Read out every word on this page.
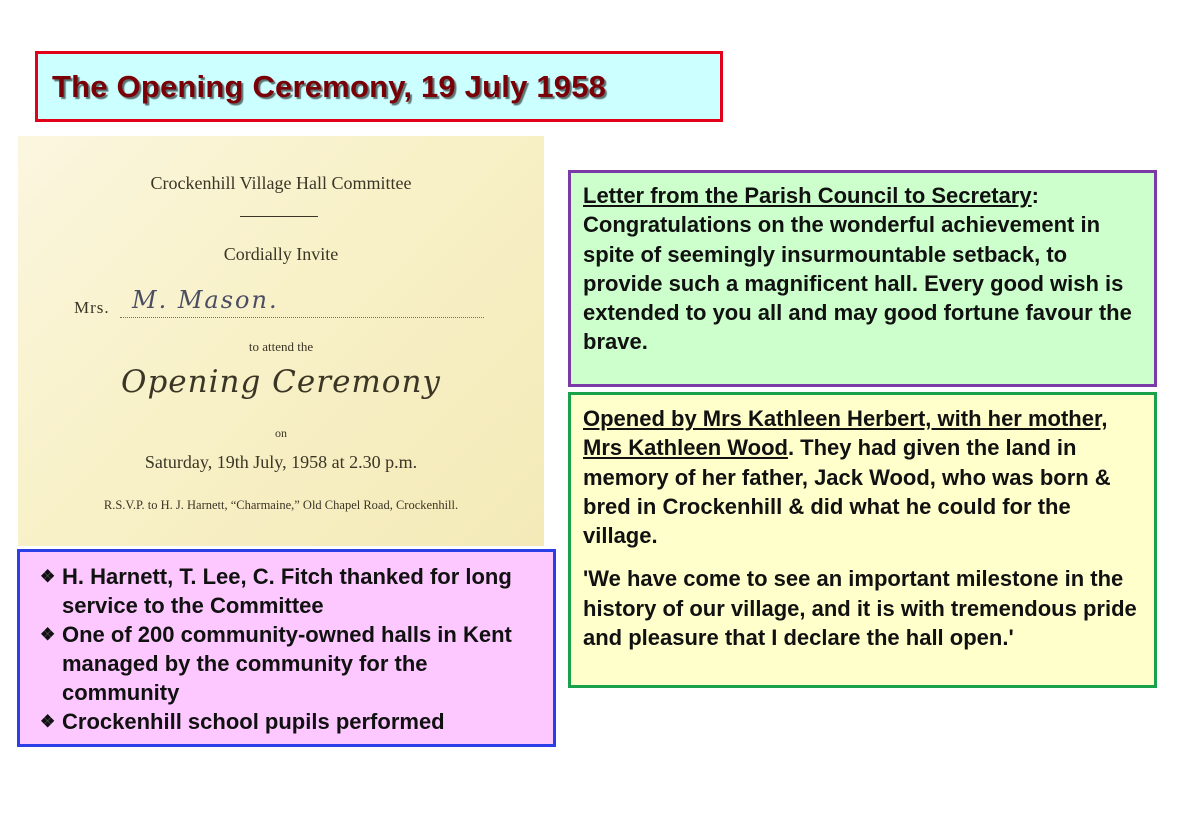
The Opening Ceremony, 19 July 1958
Crockenhill Village Hall Committee
Cordially Invite
Mrs. M. Mason.
to attend the
Opening Ceremony
on
Saturday, 19th July, 1958 at 2.30 p.m.
R.S.V.P. to H. J. Harnett, “Charmaine,” Old Chapel Road, Crockenhill.
❖ H. Harnett, T. Lee, C. Fitch thanked for long service to the Committee
❖ One of 200 community-owned halls in Kent managed by the community for the community
❖ Crockenhill school pupils performed
Letter from the Parish Council to Secretary: Congratulations on the wonderful achievement in spite of seemingly insurmountable setback, to provide such a magnificent hall. Every good wish is extended to you all and may good fortune favour the brave.
Opened by Mrs Kathleen Herbert, with her mother, Mrs Kathleen Wood. They had given the land in memory of her father, Jack Wood, who was born & bred in Crockenhill & did what he could for the village.
'We have come to see an important milestone in the history of our village, and it is with tremendous pride and pleasure that I declare the hall open.'
